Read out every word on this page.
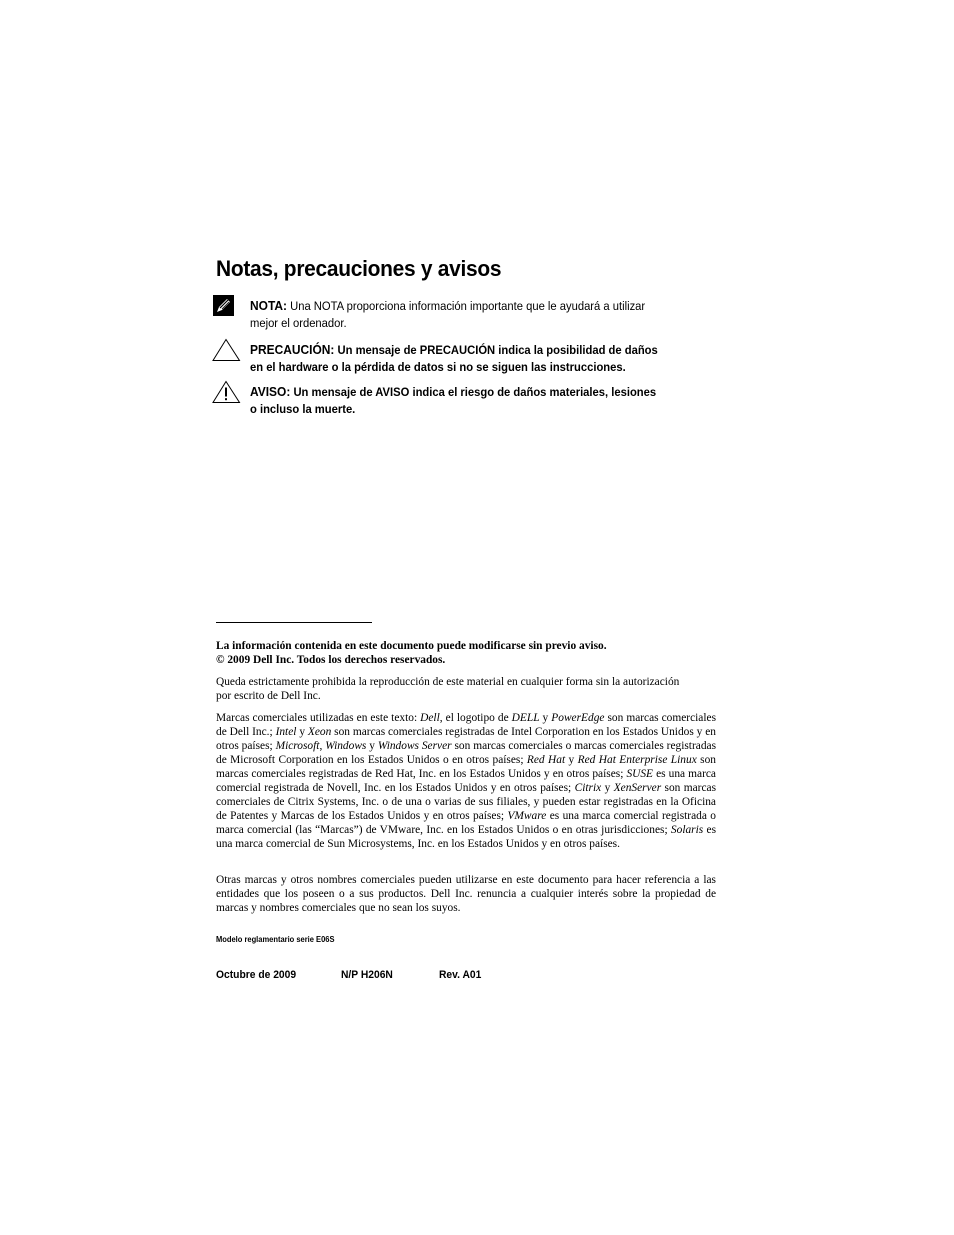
Notas, precauciones y avisos
NOTA: Una NOTA proporciona información importante que le ayudará a utilizar
mejor el ordenador.
PRECAUCIÓN: Un mensaje de PRECAUCIÓN indica la posibilidad de daños
en el hardware o la pérdida de datos si no se siguen las instrucciones.
AVISO: Un mensaje de AVISO indica el riesgo de daños materiales, lesiones
o incluso la muerte.

La información contenida en este documento puede modificarse sin previo aviso.
© 2009 Dell Inc. Todos los derechos reservados.

Queda estrictamente prohibida la reproducción de este material en cualquier forma sin la autorización
por escrito de Dell Inc.

Marcas comerciales utilizadas en este texto: Dell, el logotipo de DELL y PowerEdge son marcas comerciales de Dell Inc.; Intel y Xeon son marcas comerciales registradas de Intel Corporation en los Estados Unidos y en otros países; Microsoft, Windows y Windows Server son marcas comerciales o marcas comerciales registradas de Microsoft Corporation en los Estados Unidos o en otros países; Red Hat y Red Hat Enterprise Linux son marcas comerciales registradas de Red Hat, Inc. en los Estados Unidos y en otros países; SUSE es una marca comercial registrada de Novell, Inc. en los Estados Unidos y en otros países; Citrix y XenServer son marcas comerciales de Citrix Systems, Inc. o de una o varias de sus filiales, y pueden estar registradas en la Oficina de Patentes y Marcas de los Estados Unidos y en otros países; VMware es una marca comercial registrada o marca comercial (las “Marcas”) de VMware, Inc. en los Estados Unidos o en otras jurisdicciones; Solaris es una marca comercial de Sun Microsystems, Inc. en los Estados Unidos y en otros países.

Otras marcas y otros nombres comerciales pueden utilizarse en este documento para hacer referencia a las entidades que los poseen o a sus productos. Dell Inc. renuncia a cualquier interés sobre la propiedad de marcas y nombres comerciales que no sean los suyos.

Modelo reglamentario serie E06S
Octubre de 2009	N/P H206N	Rev. A01
